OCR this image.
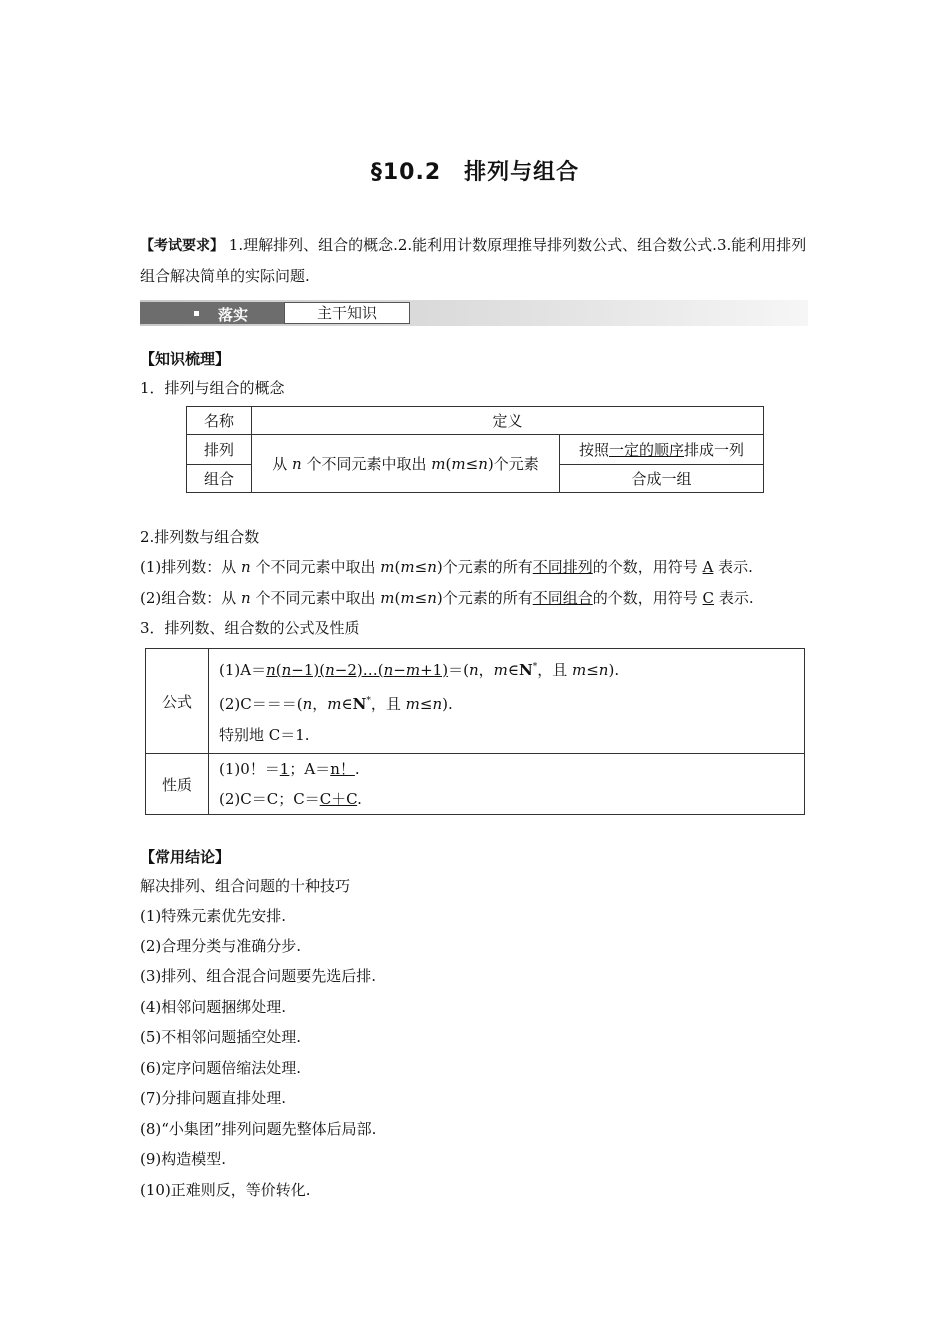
§10.2　排列与组合
【考试要求】 1.理解排列、组合的概念.2.能利用计数原理推导排列数公式、组合数公式.3.能利用排列组合解决简单的实际问题.
落实	主干知识
【知识梳理】
1．排列与组合的概念
名称	定义	
排列	从 n 个不同元素中取出 m(m≤n)个元素	按照一定的顺序排成一列
组合		合成一组
2.排列数与组合数
(1)排列数：从 n 个不同元素中取出 m(m≤n)个元素的所有不同排列的个数，用符号 A 表示.
(2)组合数：从 n 个不同元素中取出 m(m≤n)个元素的所有不同组合的个数，用符号 C 表示.
3．排列数、组合数的公式及性质
公式	(1)A＝n(n−1)(n−2)…(n−m+1)＝(n，m∈N*，且 m≤n).
(2)C＝＝＝(n，m∈N*，且 m≤n).
特别地 C＝1.

性质	(1)0！＝1；A＝n！.
(2)C＝C；C＝C＋C.
【常用结论】
解决排列、组合问题的十种技巧
(1)特殊元素优先安排.
(2)合理分类与准确分步.
(3)排列、组合混合问题要先选后排.
(4)相邻问题捆绑处理.
(5)不相邻问题插空处理.
(6)定序问题倍缩法处理.
(7)分排问题直排处理.
(8)“小集团”排列问题先整体后局部.
(9)构造模型.
(10)正难则反，等价转化.
